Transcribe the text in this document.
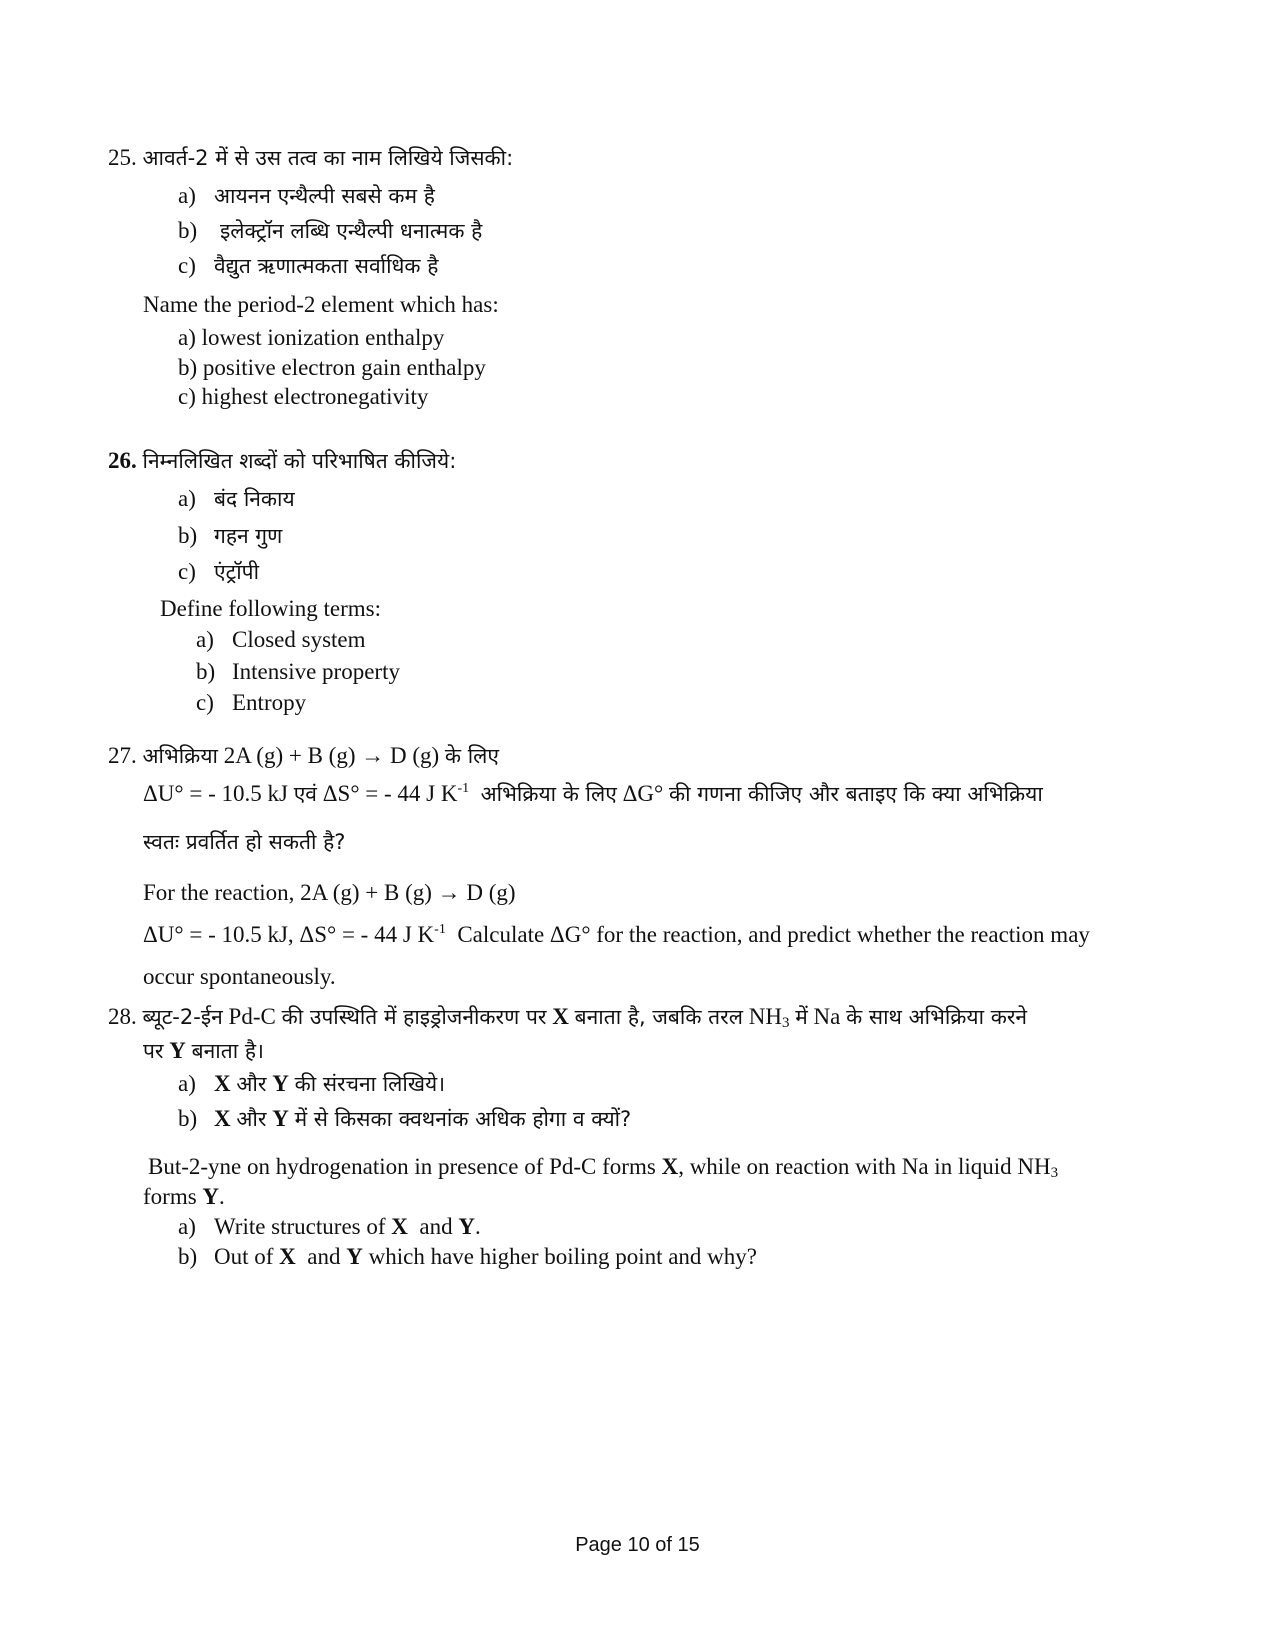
25. आवर्त-2 में से उस तत्व का नाम लिखिये जिसकी:
a) आयनन एन्थैल्पी सबसे कम है
b) इलेक्ट्रॉन लब्धि एन्थैल्पी धनात्मक है
c) वैद्युत ऋणात्मकता सर्वाधिक है
Name the period-2 element which has:
a) lowest ionization enthalpy
b) positive electron gain enthalpy
c) highest electronegativity
26. निम्नलिखित शब्दों को परिभाषित कीजिये:
a) बंद निकाय
b) गहन गुण
c) एंट्रॉपी
Define following terms:
a) Closed system
b) Intensive property
c) Entropy
27. अभिक्रिया 2A (g) + B (g) → D (g) के लिए
ΔU° = - 10.5 kJ एवं ΔS° = - 44 J $K^{-1}$ अभिक्रिया के लिए ΔG° की गणना कीजिए और बताइए कि क्या अभिक्रिया
स्वतः प्रवर्तित हो सकती है?
For the reaction, 2A (g) + B (g) → D (g)
ΔU° = - 10.5 kJ, ΔS° = - 44 J $K^{-1}$ Calculate ΔG° for the reaction, and predict whether the reaction may
occur spontaneously.
28. ब्यूट-2-ईन Pd-C की उपस्थिति में हाइड्रोजनीकरण पर X बनाता है, जबकि तरल $NH_3$ में Na के साथ अभिक्रिया करने
पर Y बनाता है।
a) X और Y की संरचना लिखिये।
b) X और Y में से किसका क्वथनांक अधिक होगा व क्यों?
But-2-yne on hydrogenation in presence of Pd-C forms X, while on reaction with Na in liquid $NH_3$
forms Y.
a) Write structures of X and Y.
b) Out of X and Y which have higher boiling point and why?
Page 10 of 15
